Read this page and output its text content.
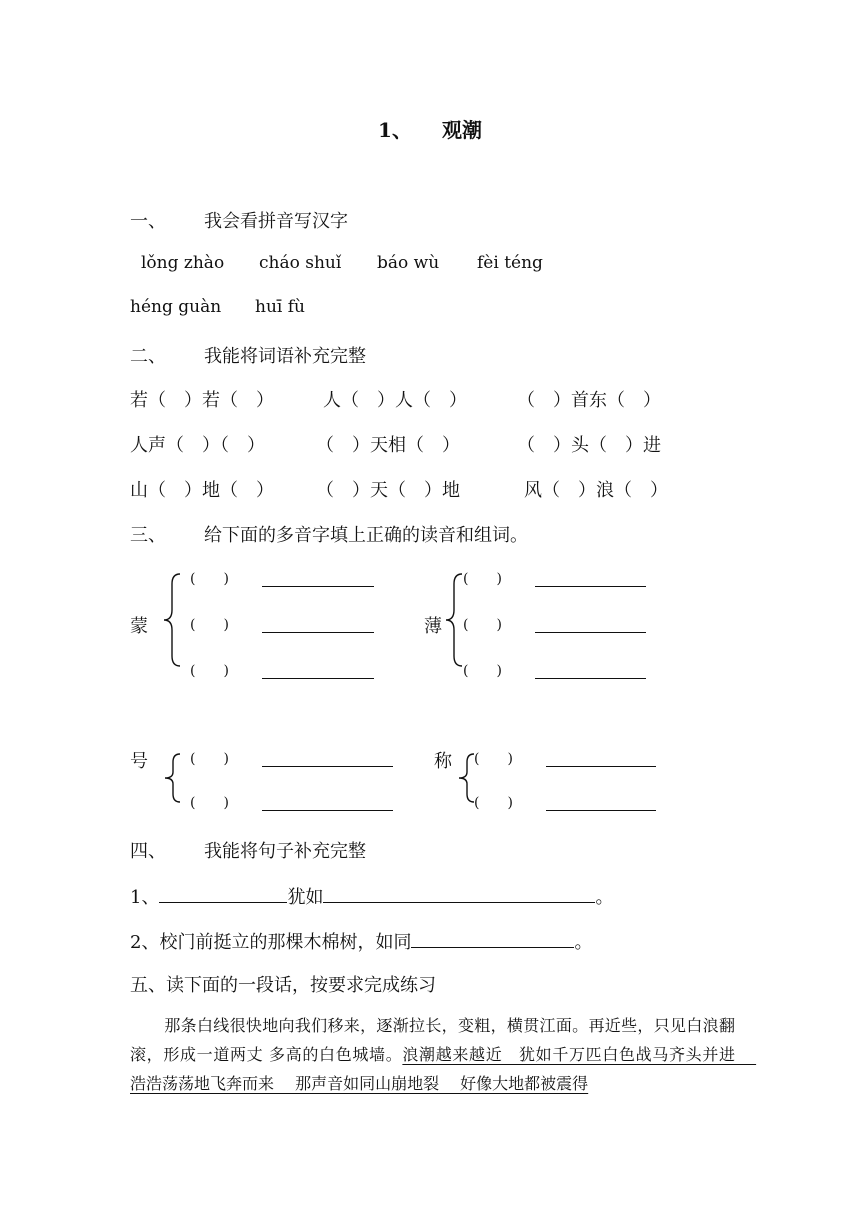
1、 观潮
一、 我会看拼音写汉字
lǒng zhào cháo shuǐ báo wù fèi téng
héng guàn huī fù
二、 我能将词语补充完整
若（　）若（　）	人（　）人（　）	（　）首东（　）
人声（　）（　）	（　）天相（　）	（　）头（　）进
山（　）地（　） （　）天（　）地	风（　）浪（　）
三、 给下面的多音字填上正确的读音和组词。
蒙
(　　)
(　　)
(　　)
薄
(　　)
(　　)
(　　)
号	(　　)
(　　)
称 (　　)
(　　)
四、 我能将句子补充完整
1、	犹如	。
2、校门前挺立的那棵木棉树，如同	。
五、读下面的一段话，按要求完成练习
那条白线很快地向我们移来，逐渐拉长，变粗，横贯江面。再近些，只见白浪翻滚，形成一道两丈 多高的白色城墙。浪潮越来越近　犹如千万匹白色战马齐头并进　 浩浩荡荡地飞奔而来　 那声音如同山崩地裂　 好像大地都被震得
